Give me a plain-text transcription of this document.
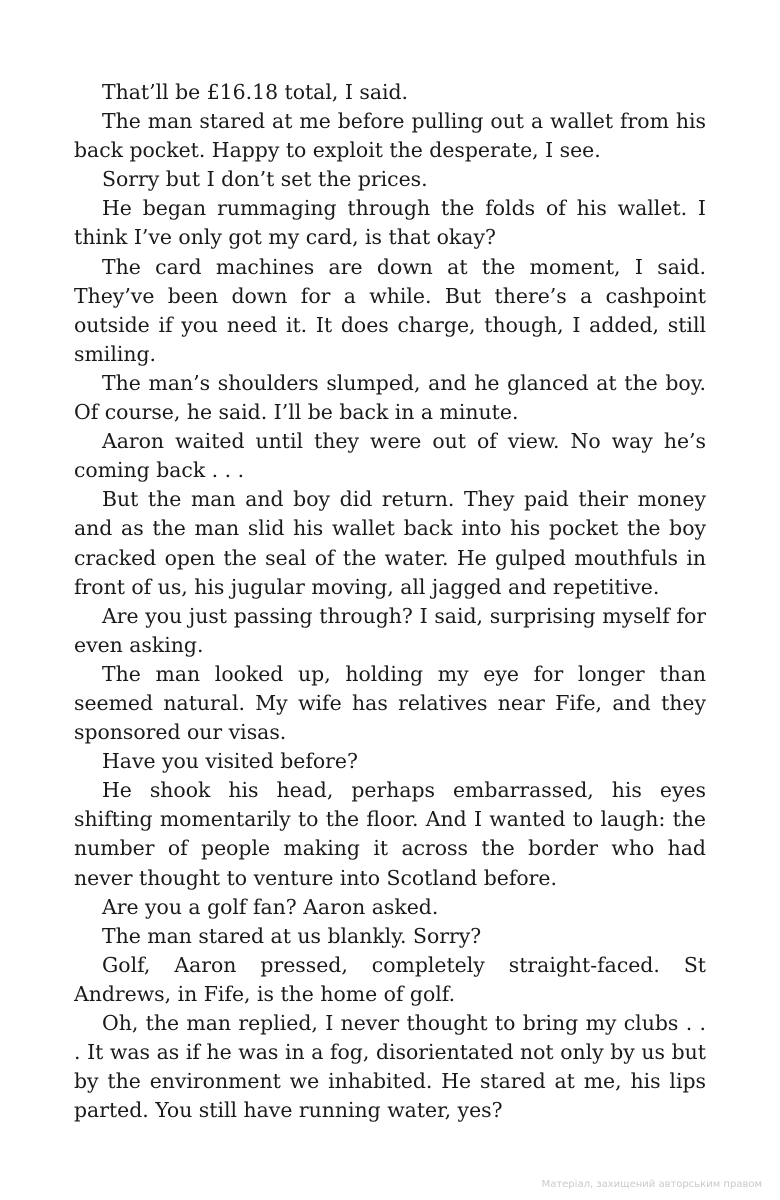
That’ll be £16.18 total, I said.

The man stared at me before pulling out a wallet from his back pocket. Happy to exploit the desperate, I see.

Sorry but I don’t set the prices.

He began rummaging through the folds of his wallet. I think I’ve only got my card, is that okay?

The card machines are down at the moment, I said. They’ve been down for a while. But there’s a cashpoint outside if you need it. It does charge, though, I added, still smiling.

The man’s shoulders slumped, and he glanced at the boy. Of course, he said. I’ll be back in a minute.

Aaron waited until they were out of view. No way he’s coming back . . .

But the man and boy did return. They paid their money and as the man slid his wallet back into his pocket the boy cracked open the seal of the water. He gulped mouthfuls in front of us, his jugular moving, all jagged and repetitive.

Are you just passing through? I said, surprising myself for even asking.

The man looked up, holding my eye for longer than seemed natural. My wife has relatives near Fife, and they sponsored our visas.

Have you visited before?

He shook his head, perhaps embarrassed, his eyes shifting momentarily to the floor. And I wanted to laugh: the number of people making it across the border who had never thought to venture into Scotland before.

Are you a golf fan? Aaron asked.

The man stared at us blankly. Sorry?

Golf, Aaron pressed, completely straight-faced. St Andrews, in Fife, is the home of golf.

Oh, the man replied, I never thought to bring my clubs . . . It was as if he was in a fog, disorientated not only by us but by the environment we inhabited. He stared at me, his lips parted. You still have running water, yes?

Матеріал, захищений авторським правом
